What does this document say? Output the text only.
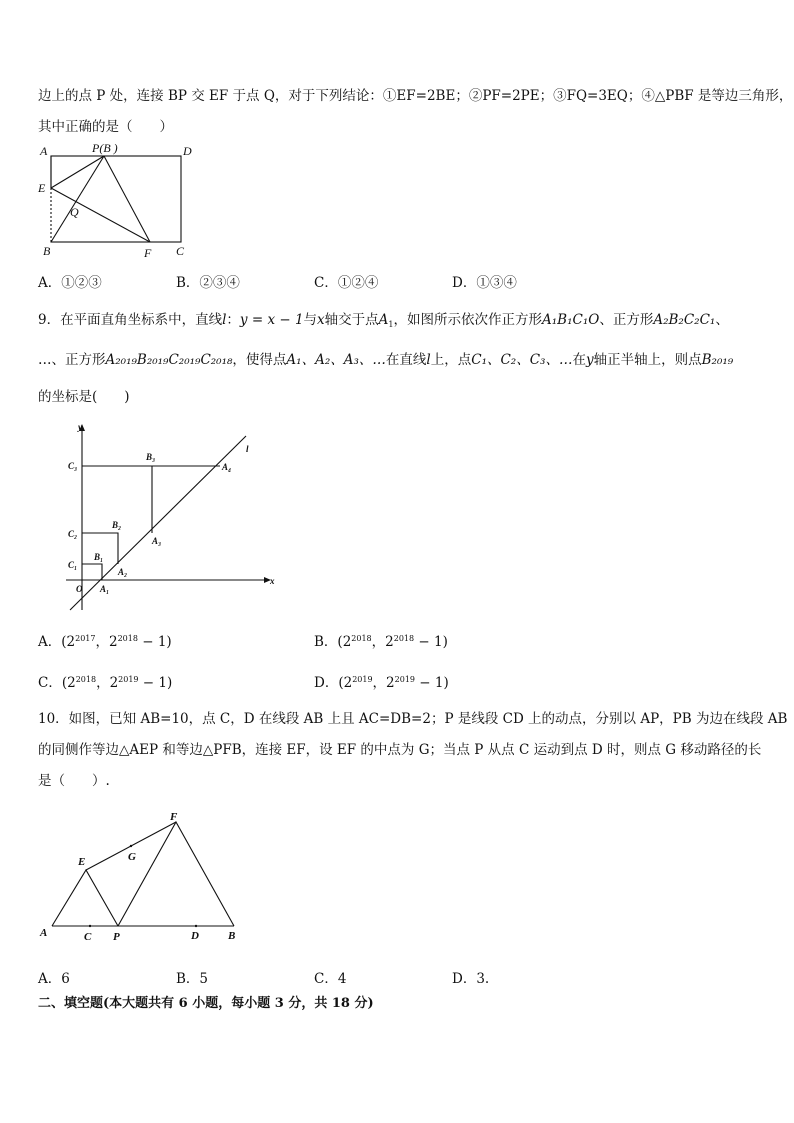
边上的点 P 处，连接 BP 交 EF 于点 Q，对于下列结论：①EF=2BE；②PF=2PE；③FQ=3EQ；④△PBF 是等边三角形，
其中正确的是（　　）
A	P(B )	D
E
Q
B	F C
A．①②③	B．②③④	C．①②④	D．①③④
9．在平面直角坐标系中，直线l：y = x − 1与x轴交于点$A_1$，如图所示依次作正方形A₁B₁C₁O、正方形A₂B₂C₂C₁、
…、正方形A₂₀₁₉B₂₀₁₉C₂₀₁₉C₂₀₁₈，使得点A₁、A₂、A₃、…在直线l上，点C₁、C₂、C₃、…在y轴正半轴上，则点B₂₀₁₉
的坐标是(　　)
y
l
x
O
C₃
B₃
A₄
C₂
B₂
A₃
C₁
B₁
A₂
A₁
A．($2^{2017}$，$2^{2018} - 1$)	B．($2^{2018}$，$2^{2018} - 1$)
C．($2^{2018}$，$2^{2019} - 1$)	D．($2^{2019}$，$2^{2019} - 1$)
10．如图，已知 AB=10，点 C，D 在线段 AB 上且 AC=DB=2；P 是线段 CD 上的动点，分别以 AP，PB 为边在线段 AB
的同侧作等边△AEP 和等边△PFB，连接 EF，设 EF 的中点为 G；当点 P 从点 C 运动到点 D 时，则点 G 移动路径的长
是（　　）.
F
E	G
A	C P	D	B
A．6	B．5	C．4	D．3.
二、填空题(本大题共有 6 小题，每小题 3 分，共 18 分)
